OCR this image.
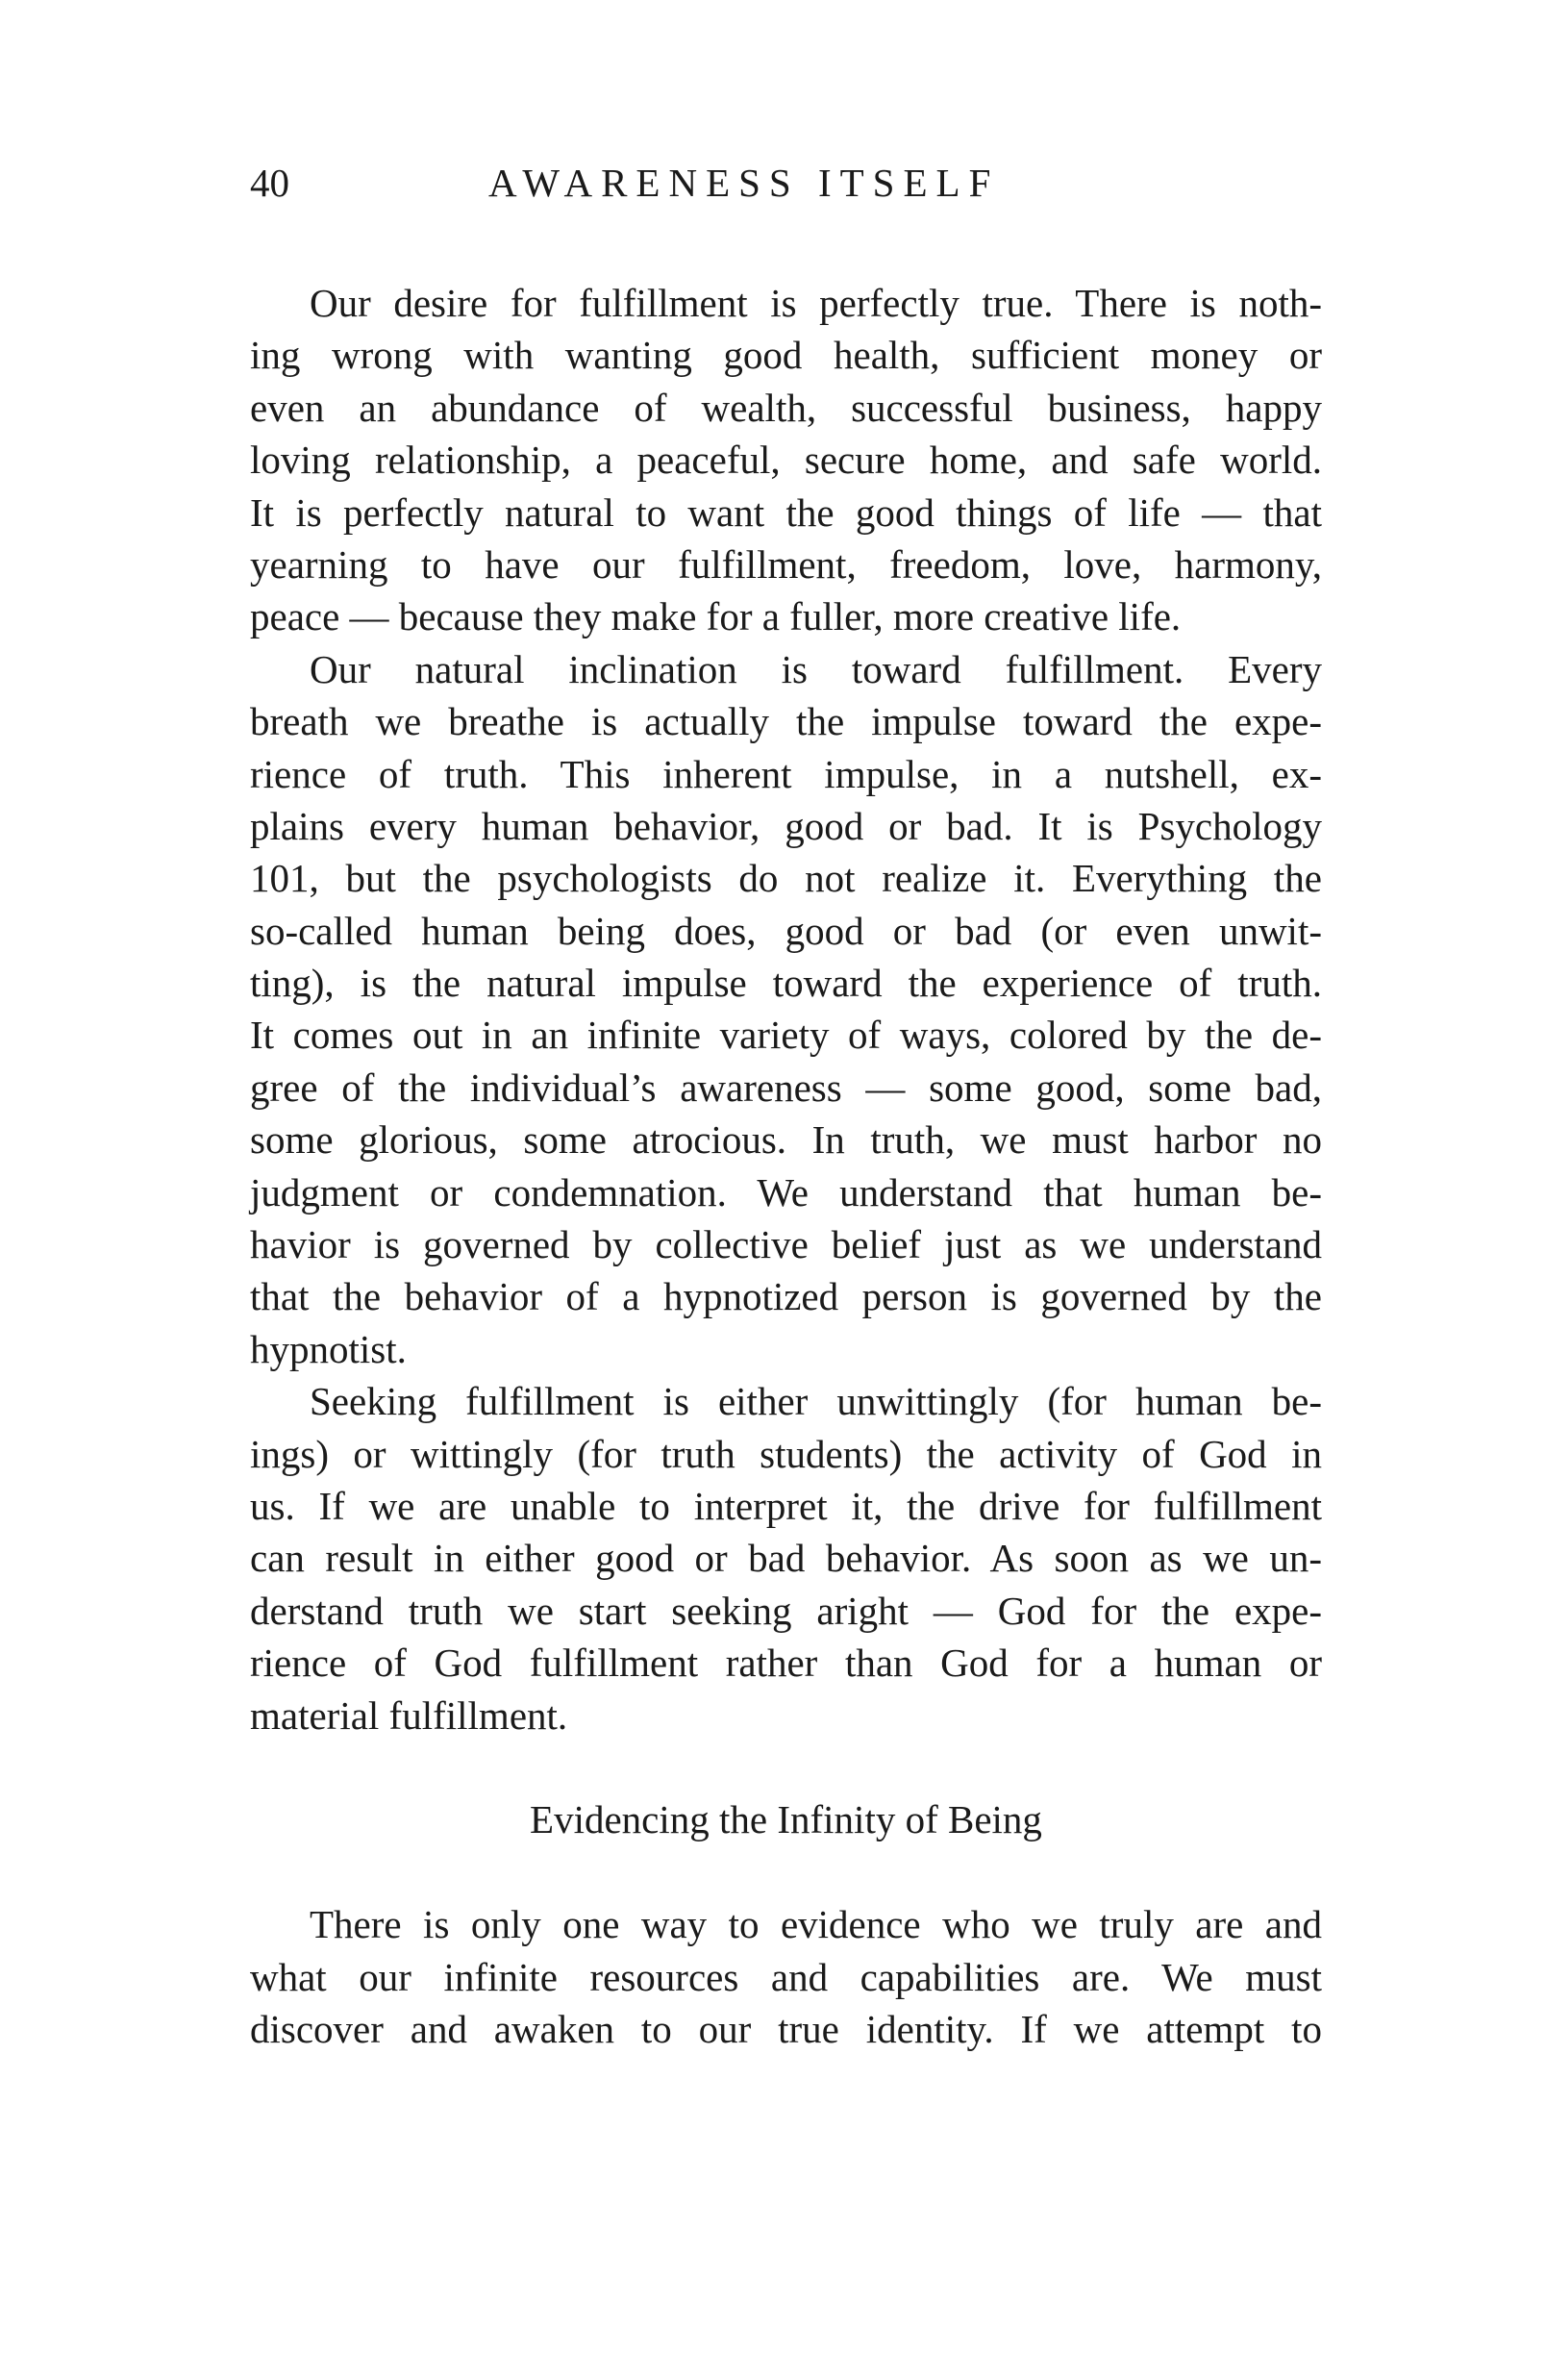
40	AWARENESS ITSELF
Our desire for fulfillment is perfectly true. There is noth-
ing wrong with wanting good health, sufficient money or
even an abundance of wealth, successful business, happy
loving relationship, a peaceful, secure home, and safe world.
It is perfectly natural to want the good things of life — that
yearning to have our fulfillment, freedom, love, harmony,
peace — because they make for a fuller, more creative life.
Our natural inclination is toward fulfillment. Every
breath we breathe is actually the impulse toward the expe-
rience of truth. This inherent impulse, in a nutshell, ex-
plains every human behavior, good or bad. It is Psychology
101, but the psychologists do not realize it. Everything the
so-called human being does, good or bad (or even unwit-
ting), is the natural impulse toward the experience of truth.
It comes out in an infinite variety of ways, colored by the de-
gree of the individual’s awareness — some good, some bad,
some glorious, some atrocious. In truth, we must harbor no
judgment or condemnation. We understand that human be-
havior is governed by collective belief just as we understand
that the behavior of a hypnotized person is governed by the
hypnotist.
Seeking fulfillment is either unwittingly (for human be-
ings) or wittingly (for truth students) the activity of God in
us. If we are unable to interpret it, the drive for fulfillment
can result in either good or bad behavior. As soon as we un-
derstand truth we start seeking aright — God for the expe-
rience of God fulfillment rather than God for a human or
material fulfillment.
Evidencing the Infinity of Being
There is only one way to evidence who we truly are and
what our infinite resources and capabilities are. We must
discover and awaken to our true identity. If we attempt to
